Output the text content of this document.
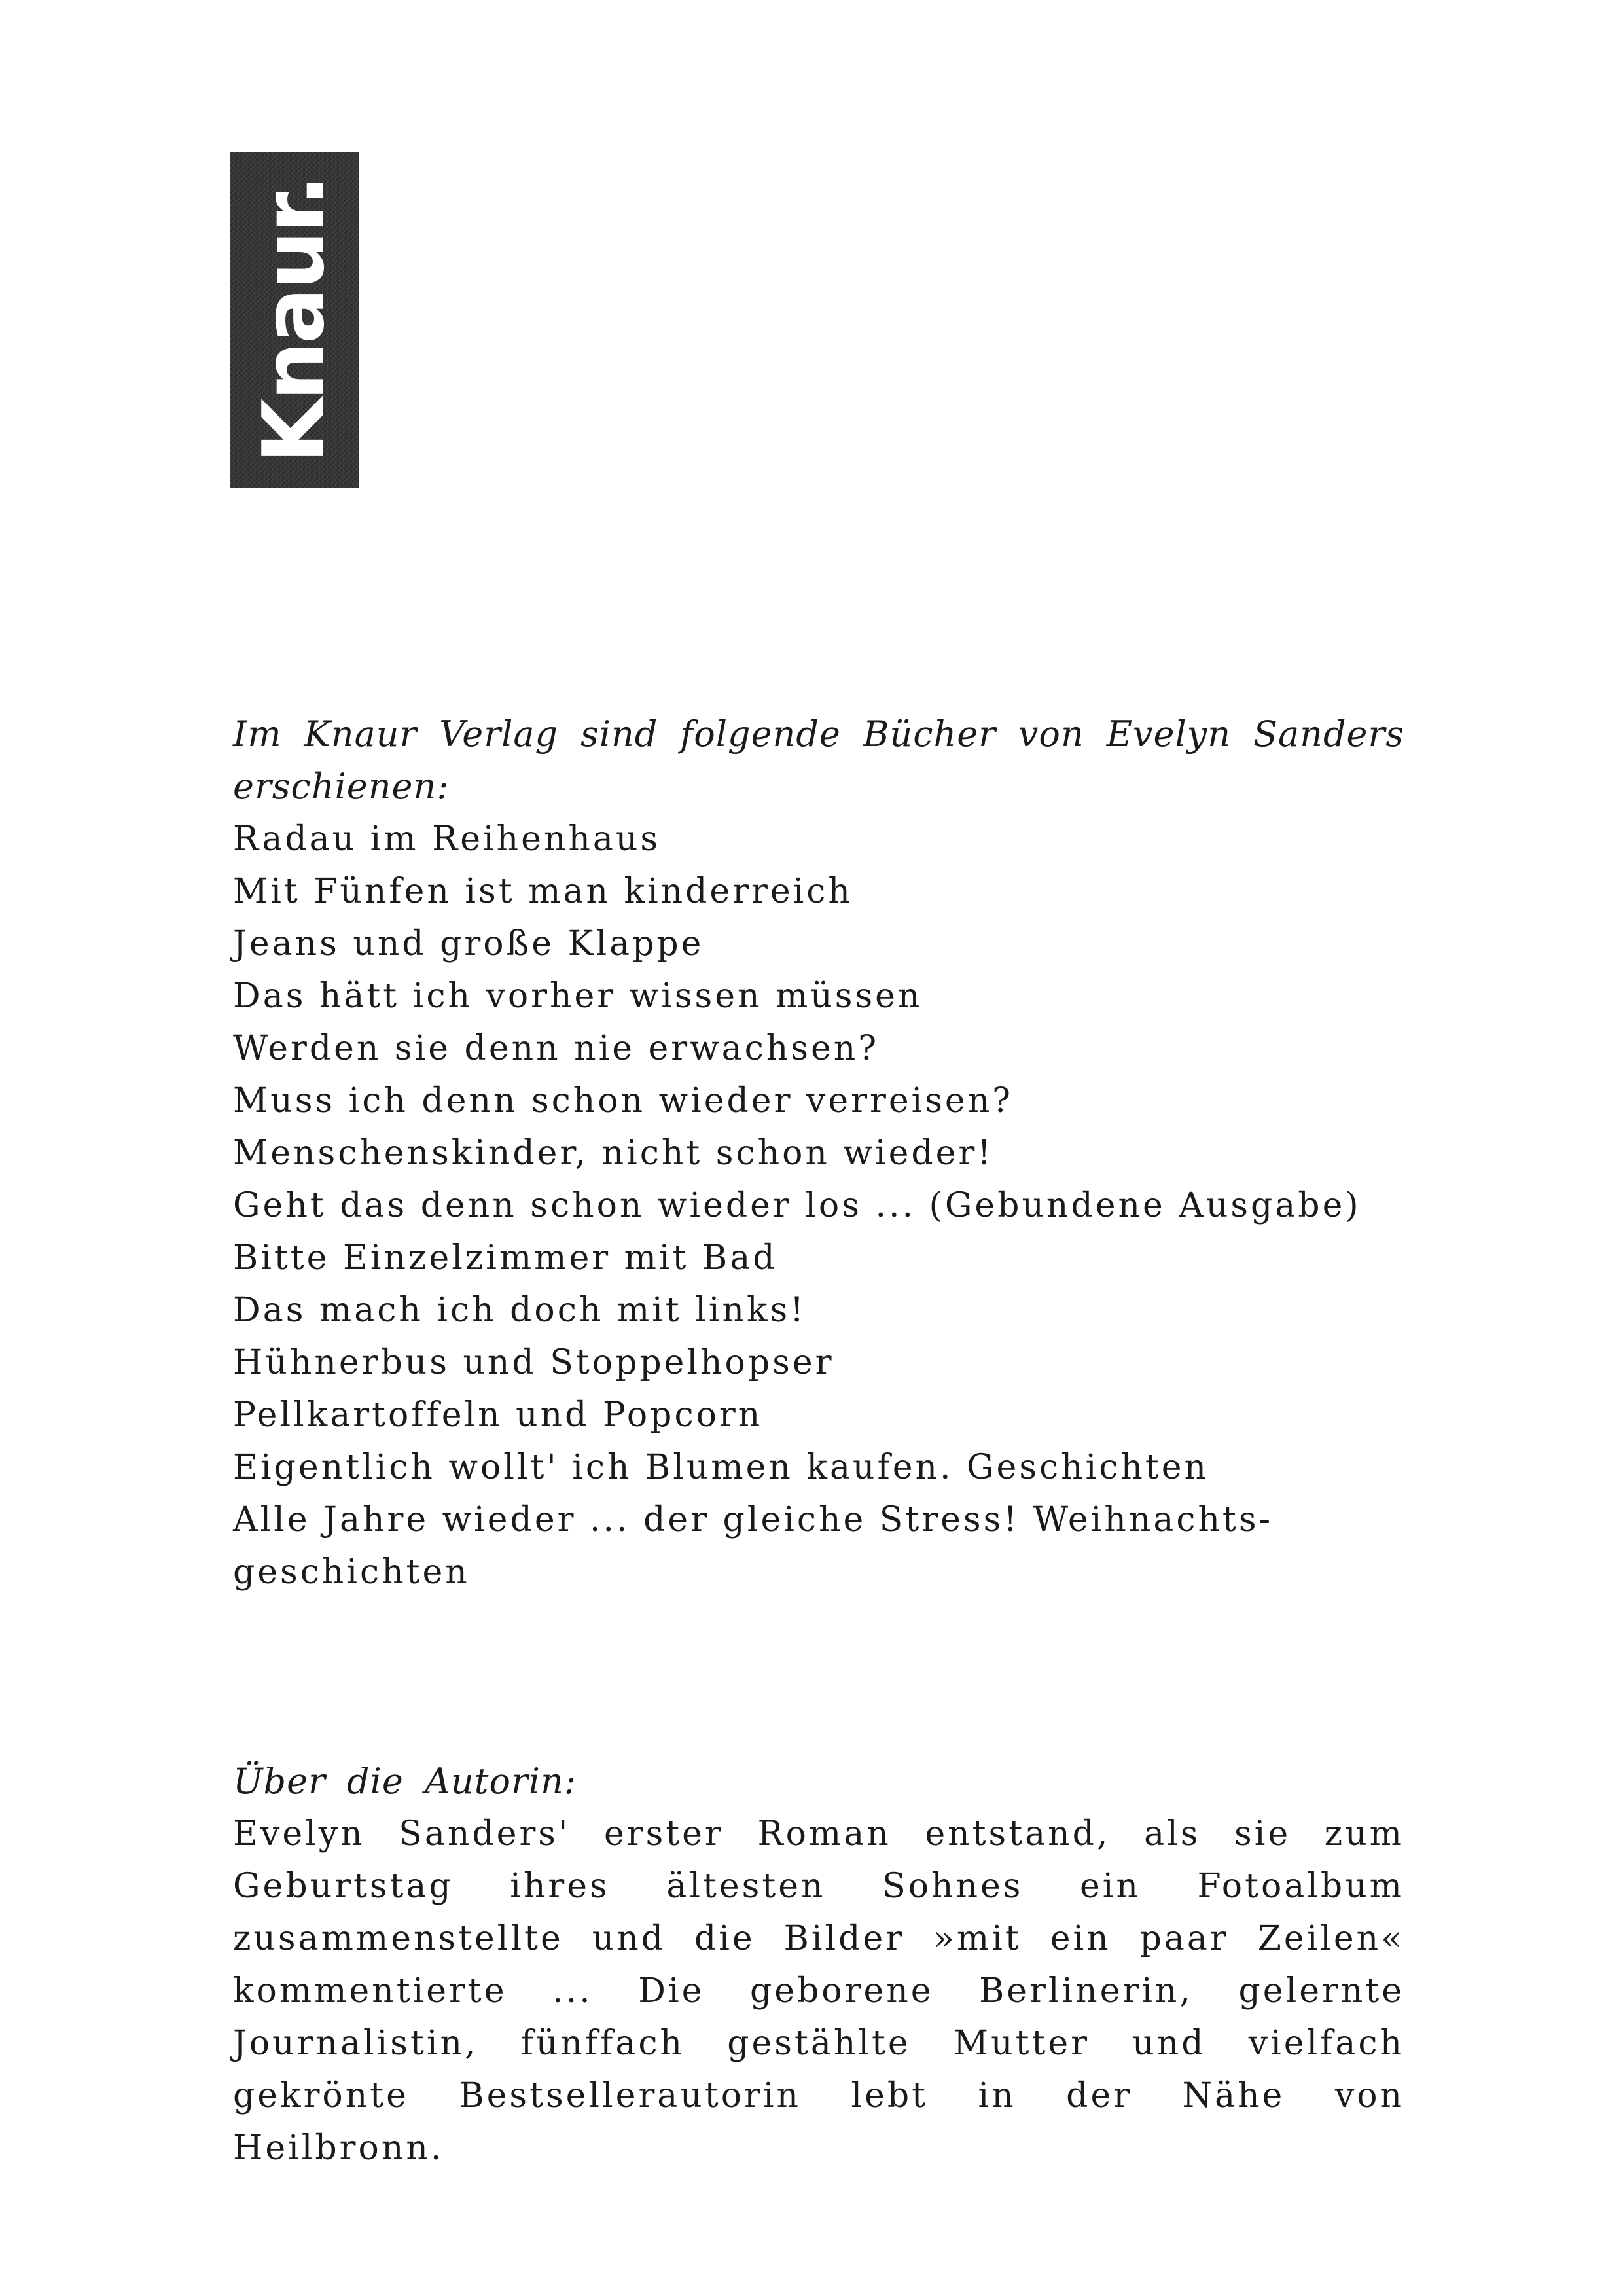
Knaur.

Im Knaur Verlag sind folgende Bücher von Evelyn Sanders erschienen:

Radau im Reihenhaus
Mit Fünfen ist man kinderreich
Jeans und große Klappe
Das hätt ich vorher wissen müssen
Werden sie denn nie erwachsen?
Muss ich denn schon wieder verreisen?
Menschenskinder, nicht schon wieder!
Geht das denn schon wieder los ... (Gebundene Ausgabe)
Bitte Einzelzimmer mit Bad
Das mach ich doch mit links!
Hühnerbus und Stoppelhopser
Pellkartoffeln und Popcorn
Eigentlich wollt' ich Blumen kaufen. Geschichten
Alle Jahre wieder ... der gleiche Stress! Weihnachts-geschichten
Über die Autorin:

Evelyn Sanders' erster Roman entstand, als sie zum Geburtstag ihres ältesten Sohnes ein Fotoalbum zusammenstellte und die Bilder »mit ein paar Zeilen« kommentierte ... Die geborene Berlinerin, gelernte Journalistin, fünffach gestählte Mutter und vielfach gekrönte Bestsellerautorin lebt in der Nähe von Heilbronn.
